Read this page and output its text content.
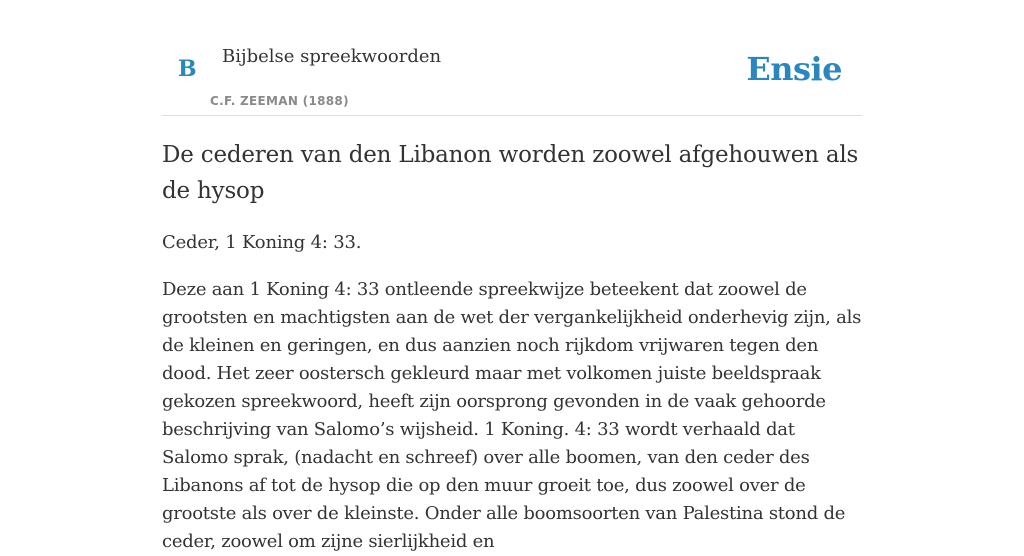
B Bijbelse spreekwoorden
C.F. ZEEMAN (1888)
Ensie
De cederen van den Libanon worden zoowel afgehouwen als de hysop

Ceder, 1 Koning 4: 33.

Deze aan 1 Koning 4: 33 ontleende spreekwijze beteekent dat zoowel de grootsten en machtigsten aan de wet der vergankelijkheid onderhevig zijn, als de kleinen en geringen, en dus aanzien noch rijkdom vrijwaren tegen den dood. Het zeer oostersch gekleurd maar met volkomen juiste beeldspraak gekozen spreekwoord, heeft zijn oorsprong gevonden in de vaak gehoorde beschrijving van Salomo’s wijsheid. 1 Koning. 4: 33 wordt verhaald dat Salomo sprak, (nadacht en schreef) over alle boomen, van den ceder des Libanons af tot de hysop die op den muur groeit toe, dus zoowel over de grootste als over de kleinste. Onder alle boomsoorten van Palestina stond de ceder, zoowel om zijne sierlijkheid en
